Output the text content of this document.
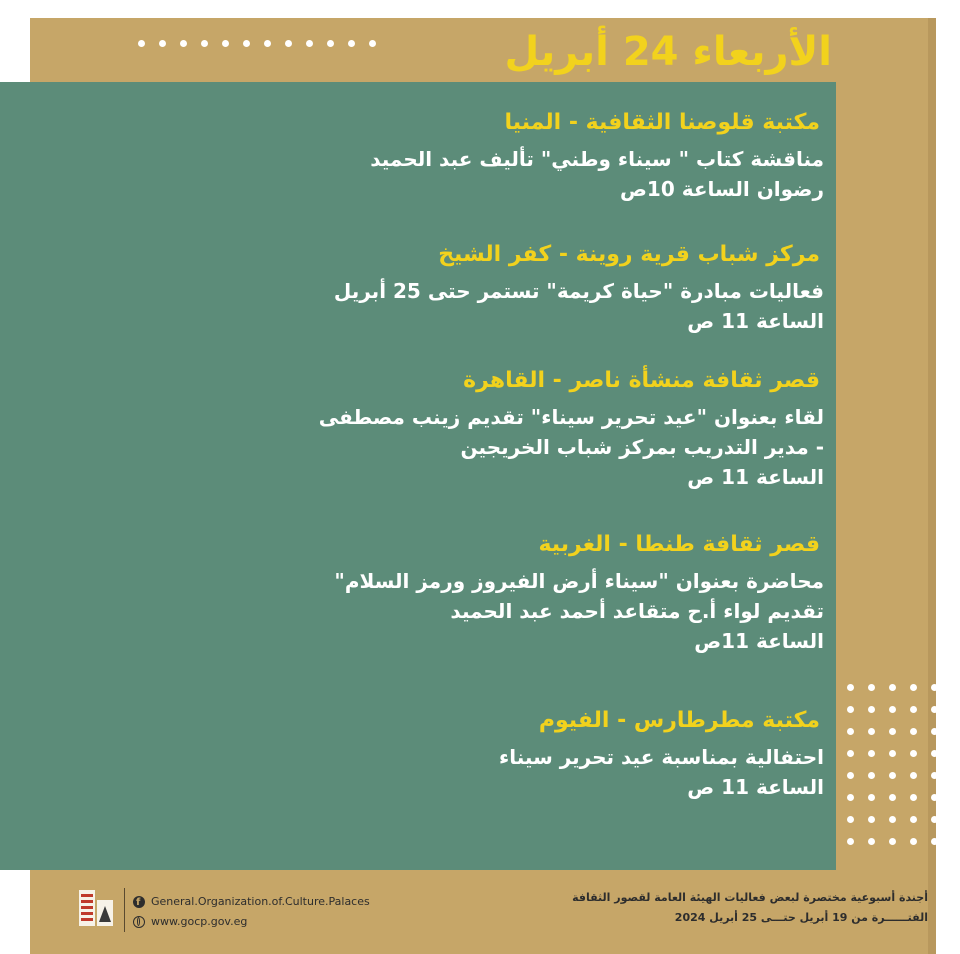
الأربعاء 24 أبريل

مكتبة قلوصنا الثقافية - المنيا

مناقشة كتاب " سيناء وطني" تأليف عبد الحميد

رضوان الساعة 10ص

مركز شباب قرية روينة - كفر الشيخ

فعاليات مبادرة "حياة كريمة" تستمر حتى 25 أبريل

الساعة 11 ص

قصر ثقافة منشأة ناصر - القاهرة

لقاء بعنوان "عيد تحرير سيناء" تقديم زينب مصطفى

- مدير التدريب بمركز شباب الخريجين

الساعة 11 ص

قصر ثقافة طنطا - الغربية

محاضرة بعنوان "سيناء أرض الفيروز ورمز السلام"

تقديم لواء أ.ح متقاعد أحمد عبد الحميد

الساعة 11ص

مكتبة مطرطارس - الفيوم

احتفالية بمناسبة عيد تحرير سيناء

الساعة 11 ص

f
General.Organization.of.Culture.Palaces
www.gocp.gov.eg
أجندة أسبوعية مختصرة لبعض فعاليات الهيئة العامة لقصور الثقافة
الفتــــــرة من 19 أبريل حتـــى 25 أبريل 2024
